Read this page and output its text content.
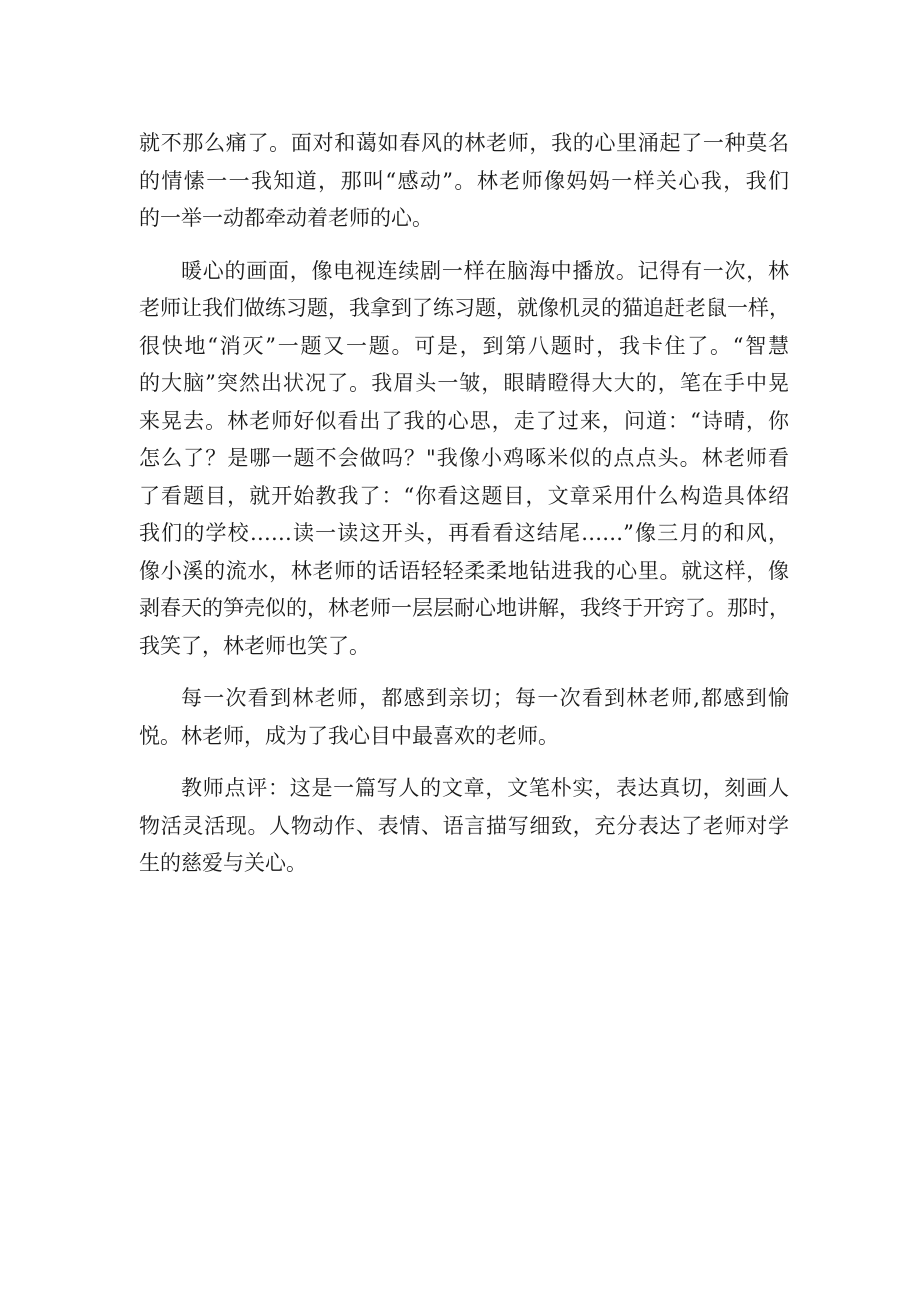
就不那么痛了。面对和蔼如春风的林老师，我的心里涌起了一种莫名
的情愫一一我知道，那叫“感动”。林老师像妈妈一样关心我，我们
的一举一动都牵动着老师的心。
暖心的画面，像电视连续剧一样在脑海中播放。记得有一次，林
老师让我们做练习题，我拿到了练习题，就像机灵的猫追赶老鼠一样，
很快地“消灭”一题又一题。可是，到第八题时，我卡住了。“智慧
的大脑”突然出状况了。我眉头一皱，眼睛瞪得大大的，笔在手中晃
来晃去。林老师好似看出了我的心思，走了过来，问道：“诗晴，你
怎么了？是哪一题不会做吗？"我像小鸡啄米似的点点头。林老师看
了看题目，就开始教我了：“你看这题目，文章采用什么构造具体绍
我们的学校……读一读这开头，再看看这结尾……”像三月的和风，
像小溪的流水，林老师的话语轻轻柔柔地钻进我的心里。就这样，像
剥春天的笋壳似的，林老师一层层耐心地讲解，我终于开窍了。那时，
我笑了，林老师也笑了。
每一次看到林老师，都感到亲切；每一次看到林老师,都感到愉
悦。林老师，成为了我心目中最喜欢的老师。
教师点评：这是一篇写人的文章，文笔朴实，表达真切，刻画人
物活灵活现。人物动作、表情、语言描写细致，充分表达了老师对学
生的慈爱与关心。
